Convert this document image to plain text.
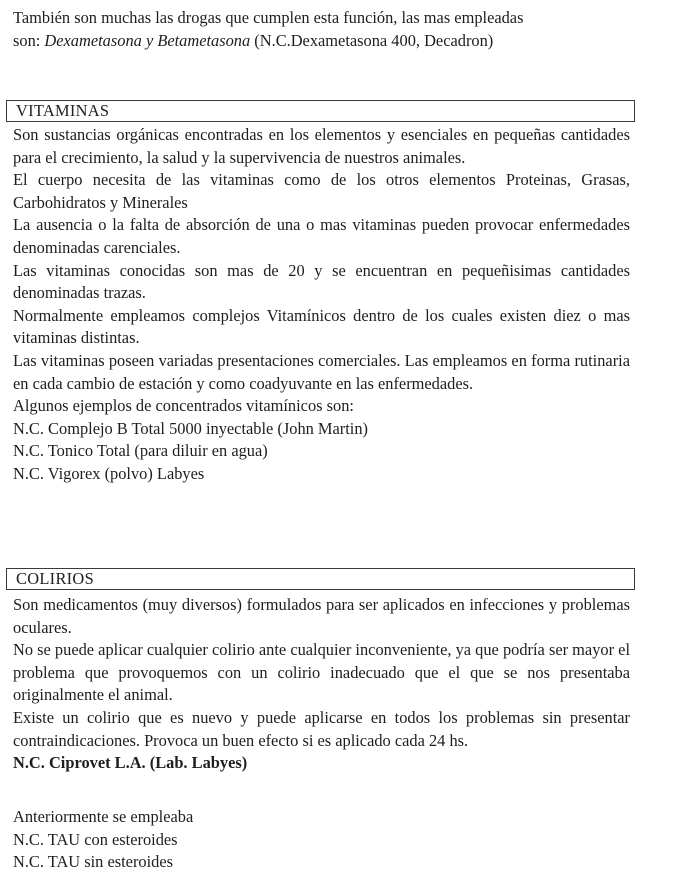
También son muchas las drogas que cumplen esta función, las mas empleadas

son: Dexametasona y Betametasona (N.C.Dexametasona 400, Decadron)

VITAMINAS

Son sustancias orgánicas encontradas en los elementos y esenciales en pequeñas cantidades para el crecimiento, la salud y la supervivencia de nuestros animales.

El cuerpo necesita de las vitaminas como de los otros elementos Proteinas, Grasas, Carbohidratos y Minerales

La ausencia o la falta de absorción de una o mas vitaminas pueden provocar enfermedades denominadas carenciales.

Las vitaminas conocidas son mas de 20 y se encuentran en pequeñisimas cantidades denominadas trazas.

Normalmente empleamos complejos Vitamínicos dentro de los cuales existen diez o mas vitaminas distintas.

Las vitaminas poseen variadas presentaciones comerciales. Las empleamos en forma rutinaria en cada cambio de estación y como coadyuvante en las enfermedades.

Algunos ejemplos de concentrados vitamínicos son:

N.C. Complejo B Total 5000 inyectable (John Martin)

N.C. Tonico Total (para diluir en agua)

N.C. Vigorex (polvo) Labyes

COLIRIOS

Son medicamentos (muy diversos) formulados para ser aplicados en infecciones y problemas oculares.

No se puede aplicar cualquier colirio ante cualquier inconveniente, ya que podría ser mayor el problema que provoquemos con un colirio inadecuado que el que se nos presentaba originalmente el animal.

Existe un colirio que es nuevo y puede aplicarse en todos los problemas sin presentar contraindicaciones. Provoca un buen efecto si es aplicado cada 24 hs.

N.C. Ciprovet L.A. (Lab. Labyes)

Anteriormente se empleaba

N.C. TAU con esteroides

N.C. TAU sin esteroides
